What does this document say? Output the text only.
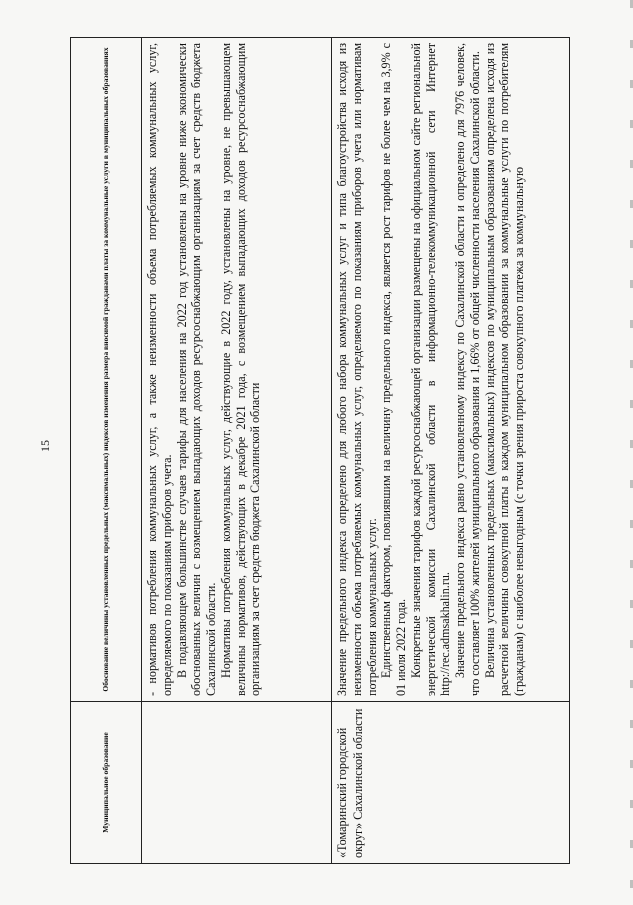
15
Муниципальное образование	Обоснование величины установленных предельных (максимальных) индексов изменения размера вносимой гражданами платы за коммунальные услуги в муниципальных образованиях

	- нормативов потребления коммунальных услуг, а также неизменности объема потребляемых коммунальных услуг, определяемого по показаниям приборов учета. В подавляющем большинстве случаев тарифы для населения на 2022 год установлены на уровне ниже экономически обоснованных величин с возмещением выпадающих доходов ресурсоснабжающим организациям за счет средств бюджета Сахалинской области. Нормативы потребления коммунальных услуг, действующие в 2022 году, установлены на уровне, не превышающем величины нормативов, действующих в декабре 2021 года, с возмещением выпадающих доходов ресурсоснабжающим организациям за счет средств бюджета Сахалинской области

«Томаринский городской округ» Сахалинской области	Значение предельного индекса определено для любого набора коммунальных услуг и типа благоустройства исходя из неизменности объема потребляемых коммунальных услуг, определяемого по показаниям приборов учета или нормативам потребления коммунальных услуг. Единственным фактором, повлиявшим на величину предельного индекса, является рост тарифов не более чем на 3,9% с 01 июля 2022 года. Конкретные значения тарифов каждой ресурсоснабжающей организации размещены на официальном сайте региональной энергетической комиссии Сахалинской области в информационно-телекоммуникационной сети Интернет http://rec.admsakhalin.ru. Значение предельного индекса равно установленному индексу по Сахалинской области и определено для 7976 человек, что составляет 100% жителей муниципального образования и 1,66% от общей численности населения Сахалинской области. Величина установленных предельных (максимальных) индексов по муниципальным образованиям определена исходя из расчетной величины совокупной платы в каждом муниципальном образовании за коммунальные услуги по потребителям (гражданам) с наиболее невыгодным (с точки зрения прироста совокупного платежа за коммунальную
